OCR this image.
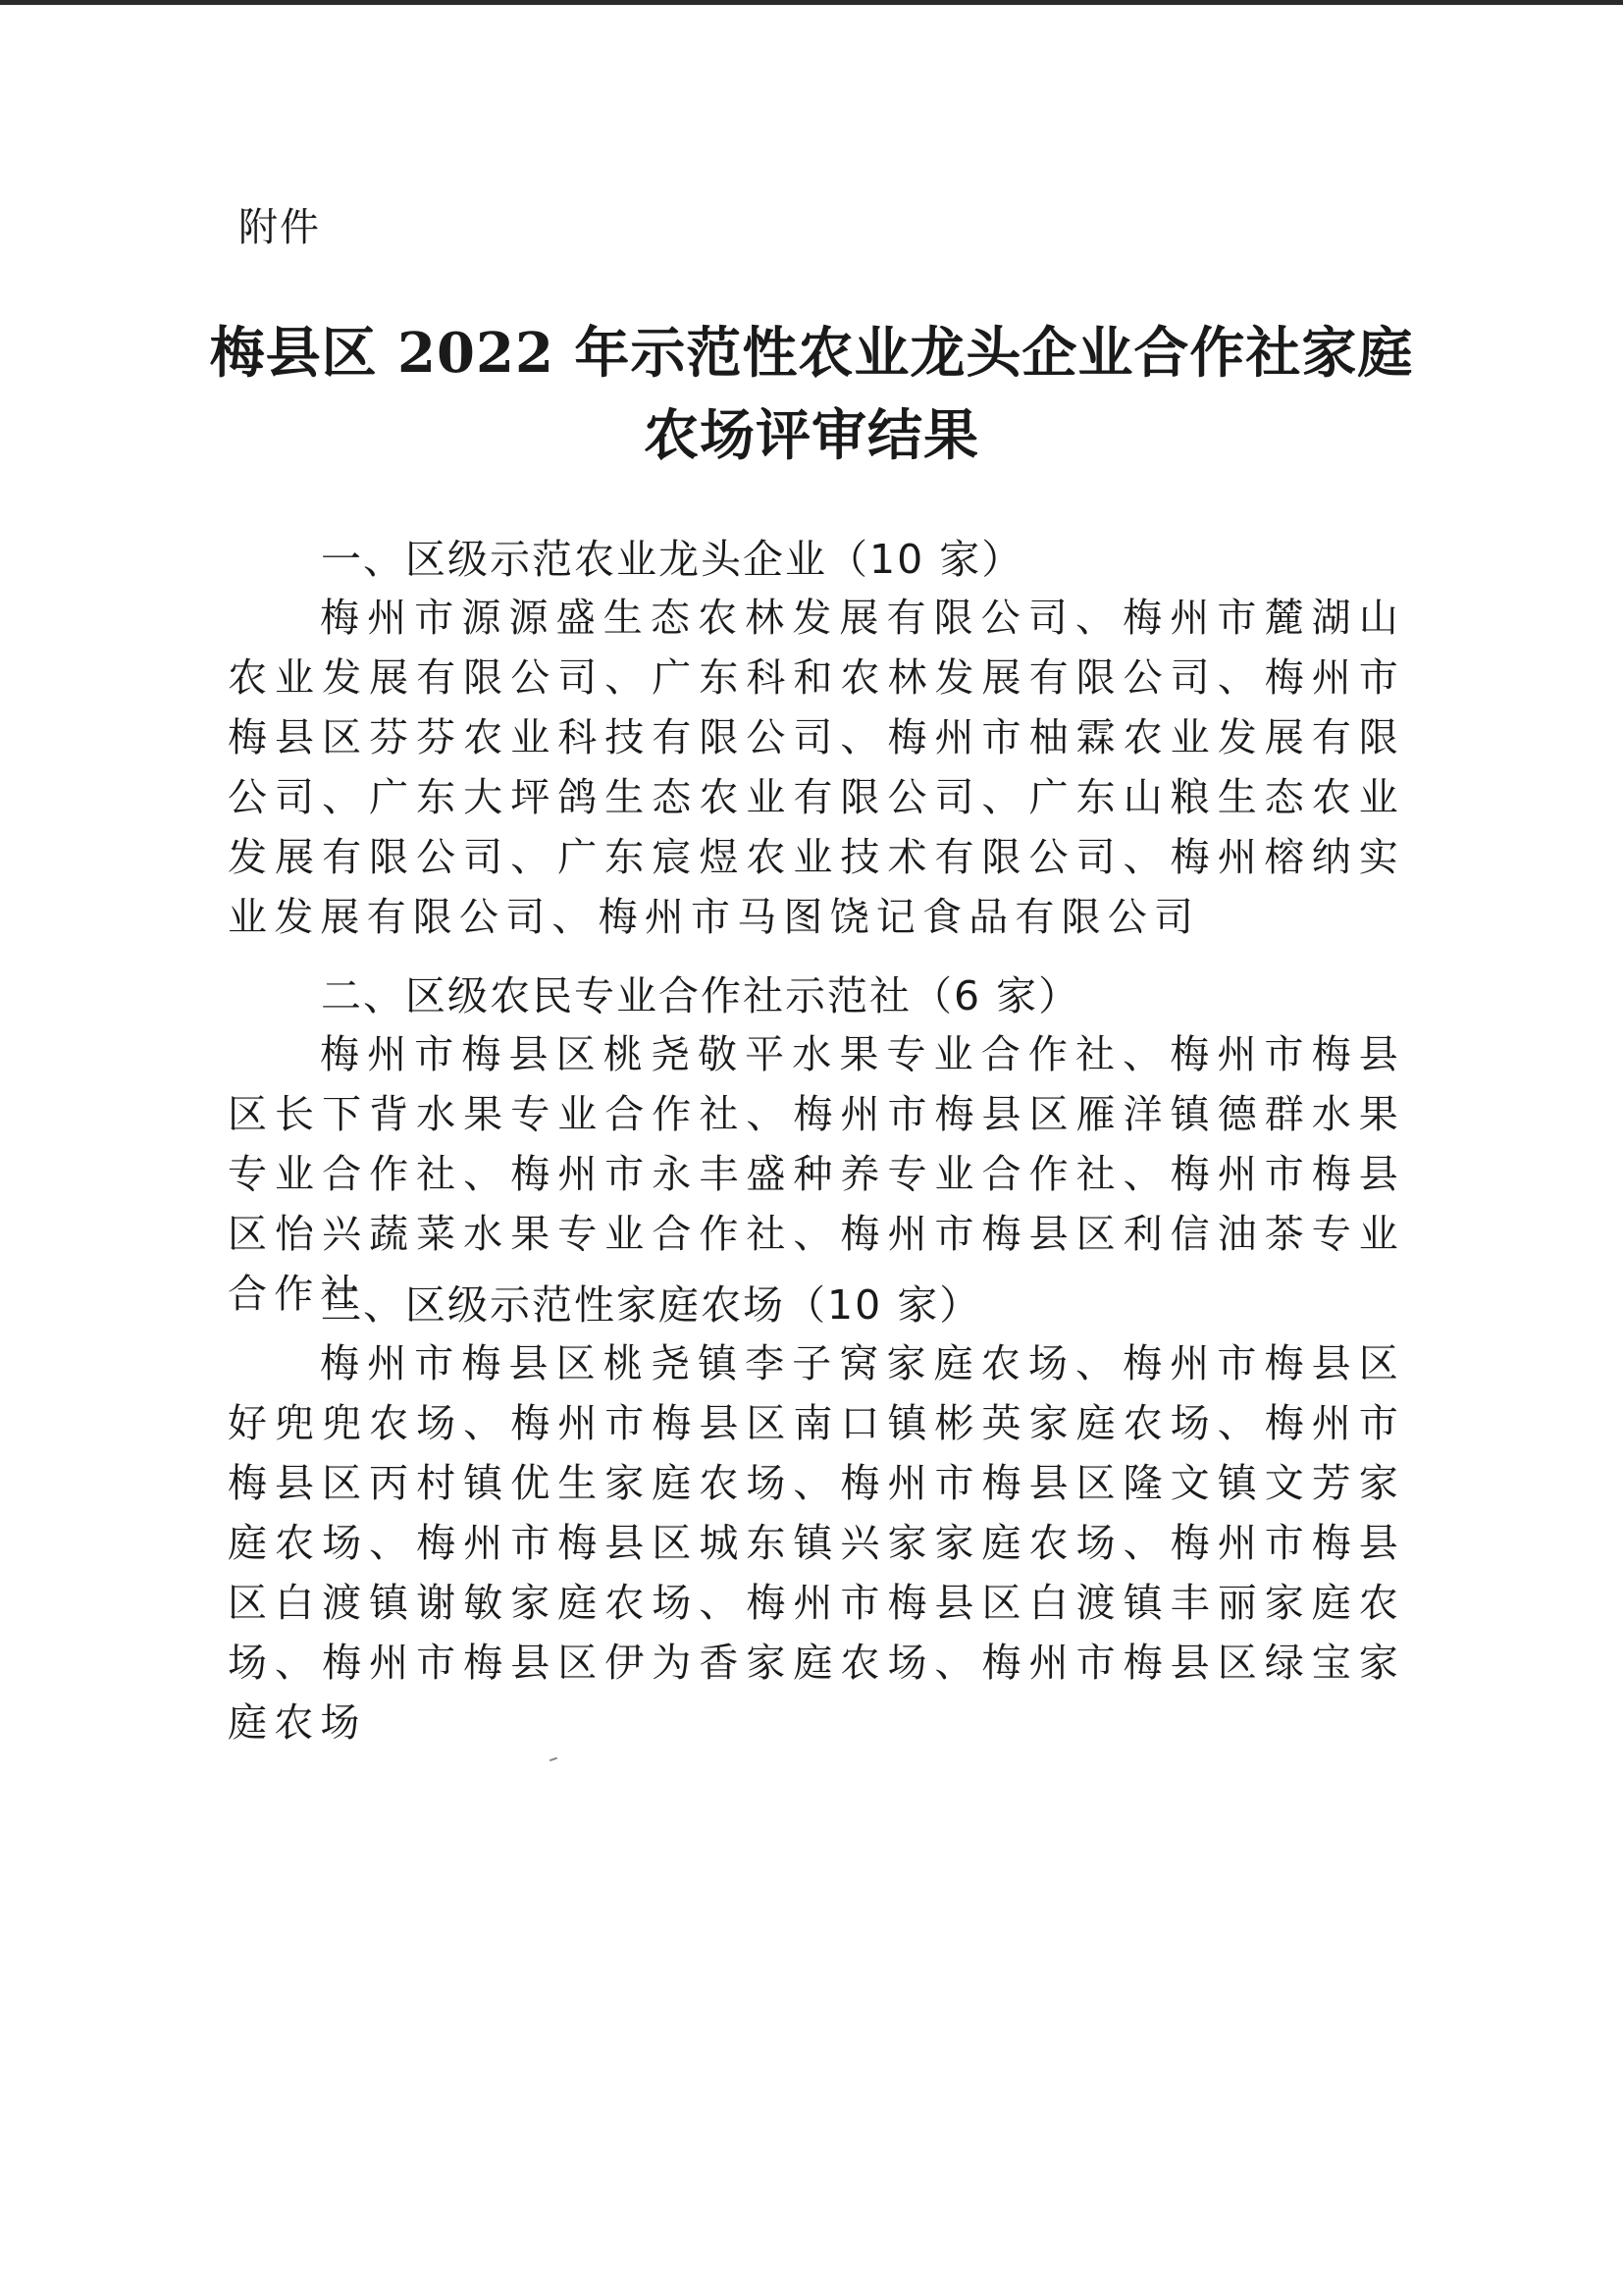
附件
梅县区 2022 年示范性农业龙头企业合作社家庭农场评审结果
一、区级示范农业龙头企业（10 家）
梅州市源源盛生态农林发展有限公司、梅州市麓湖山农业发展有限公司、广东科和农林发展有限公司、梅州市梅县区芬芬农业科技有限公司、梅州市柚霖农业发展有限公司、广东大坪鸽生态农业有限公司、广东山粮生态农业发展有限公司、广东宸煜农业技术有限公司、梅州榕纳实业发展有限公司、梅州市马图饶记食品有限公司
二、区级农民专业合作社示范社（6 家）
梅州市梅县区桃尧敬平水果专业合作社、梅州市梅县区长下背水果专业合作社、梅州市梅县区雁洋镇德群水果专业合作社、梅州市永丰盛种养专业合作社、梅州市梅县区怡兴蔬菜水果专业合作社、梅州市梅县区利信油茶专业合作社
三、区级示范性家庭农场（10 家）
梅州市梅县区桃尧镇李子窝家庭农场、梅州市梅县区好兜兜农场、梅州市梅县区南口镇彬英家庭农场、梅州市梅县区丙村镇优生家庭农场、梅州市梅县区隆文镇文芳家庭农场、梅州市梅县区城东镇兴家家庭农场、梅州市梅县区白渡镇谢敏家庭农场、梅州市梅县区白渡镇丰丽家庭农场、梅州市梅县区伊为香家庭农场、梅州市梅县区绿宝家庭农场
